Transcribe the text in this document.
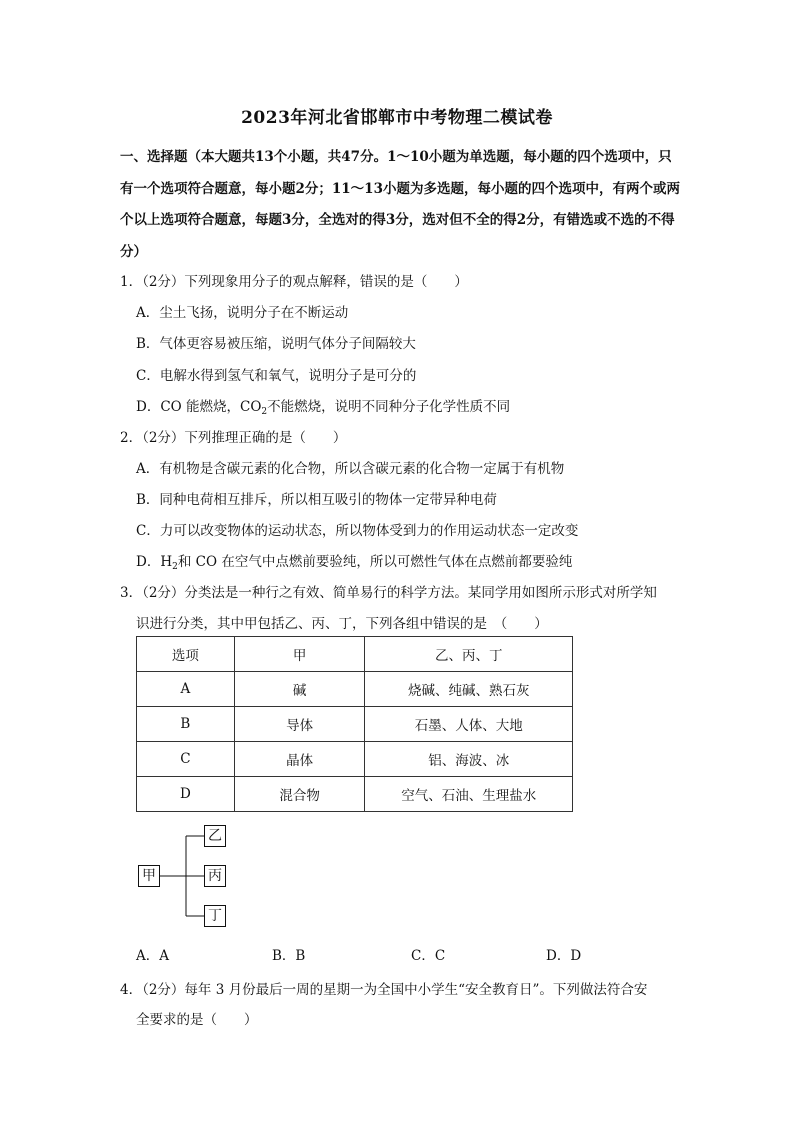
2023年河北省邯郸市中考物理二模试卷
一、选择题（本大题共13个小题，共47分。1～10小题为单选题，每小题的四个选项中，只有一个选项符合题意，每小题2分；11～13小题为多选题，每小题的四个选项中，有两个或两个以上选项符合题意，每题3分，全选对的得3分，选对但不全的得2分，有错选或不选的不得分）
1．（2分）下列现象用分子的观点解释，错误的是（　　）
A．尘土飞扬，说明分子在不断运动
B．气体更容易被压缩，说明气体分子间隔较大
C．电解水得到氢气和氧气，说明分子是可分的
D．CO 能燃烧，$CO_2$不能燃烧，说明不同种分子化学性质不同
2．（2分）下列推理正确的是（　　）
A．有机物是含碳元素的化合物，所以含碳元素的化合物一定属于有机物
B．同种电荷相互排斥，所以相互吸引的物体一定带异种电荷
C．力可以改变物体的运动状态，所以物体受到力的作用运动状态一定改变
D．$H_2$和 CO 在空气中点燃前要验纯，所以可燃性气体在点燃前都要验纯
3．（2分）分类法是一种行之有效、简单易行的科学方法。某同学用如图所示形式对所学知
识进行分类，其中甲包括乙、丙、丁，下列各组中错误的是　（　　）
选项	甲	乙、丙、丁
A	碱	烧碱、纯碱、熟石灰
B	导体	石墨、人体、大地
C	晶体	铝、海波、冰
D	混合物	空气、石油、生理盐水
甲
乙
丙
丁
A．A	B．B	C．C	D．D
4．（2分）每年 3 月份最后一周的星期一为全国中小学生“安全教育日”。下列做法符合安
全要求的是（　　）
